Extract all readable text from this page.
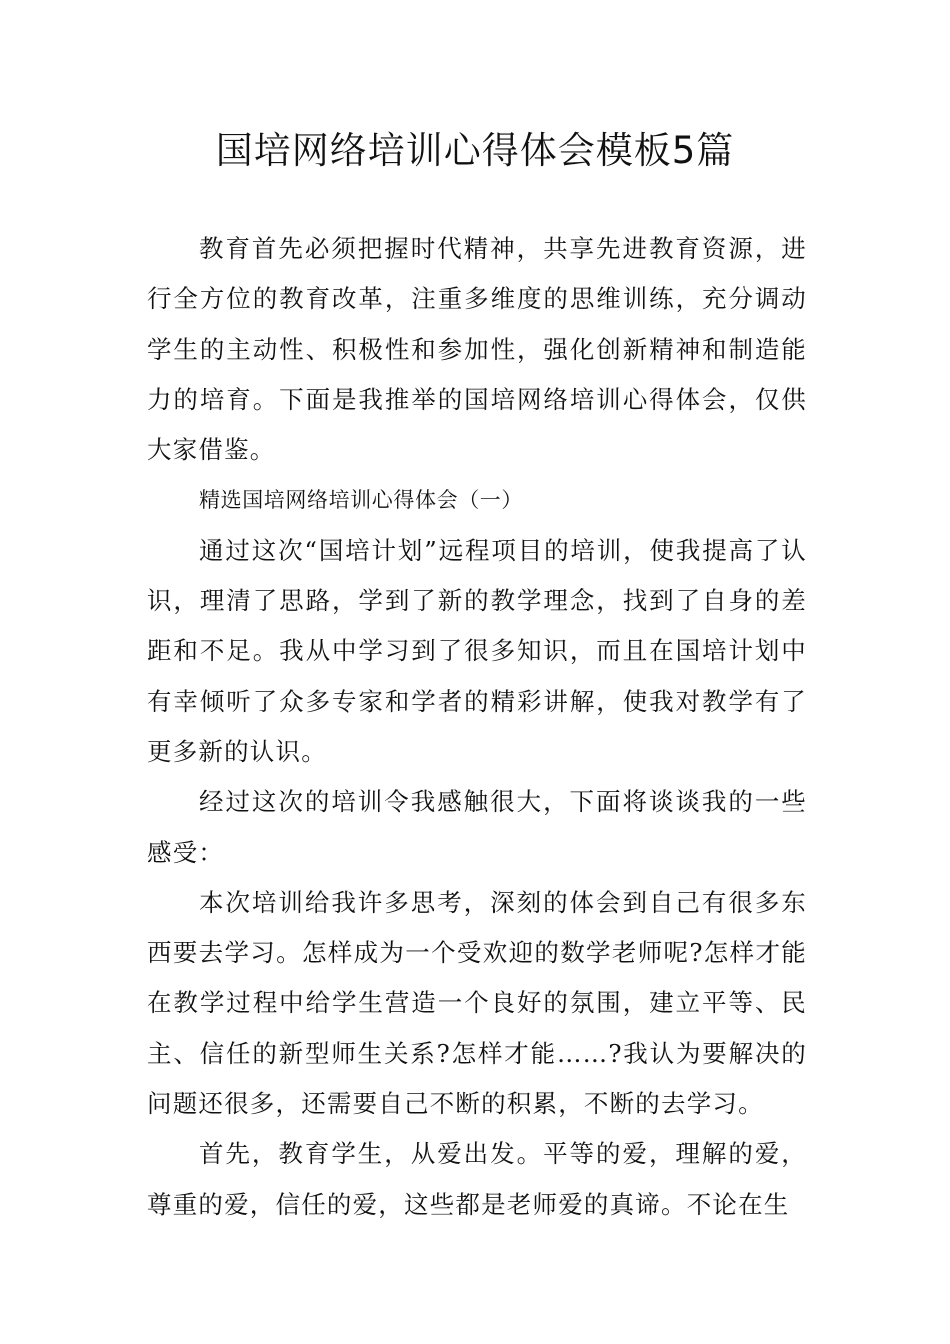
国培网络培训心得体会模板5篇

教育首先必须把握时代精神，共享先进教育资源，进行全方位的教育改革，注重多维度的思维训练，充分调动学生的主动性、积极性和参加性，强化创新精神和制造能力的培育。下面是我推举的国培网络培训心得体会，仅供大家借鉴。

精选国培网络培训心得体会（一）

通过这次“国培计划”远程项目的培训，使我提高了认识，理清了思路，学到了新的教学理念，找到了自身的差距和不足。我从中学习到了很多知识，而且在国培计划中有幸倾听了众多专家和学者的精彩讲解，使我对教学有了更多新的认识。

经过这次的培训令我感触很大，下面将谈谈我的一些感受：

本次培训给我许多思考，深刻的体会到自己有很多东西要去学习。怎样成为一个受欢迎的数学老师呢?怎样才能在教学过程中给学生营造一个良好的氛围，建立平等、民主、信任的新型师生关系?怎样才能……?我认为要解决的问题还很多，还需要自己不断的积累，不断的去学习。

首先，教育学生，从爱出发。平等的爱，理解的爱，尊重的爱，信任的爱，这些都是老师爱的真谛。不论在生
